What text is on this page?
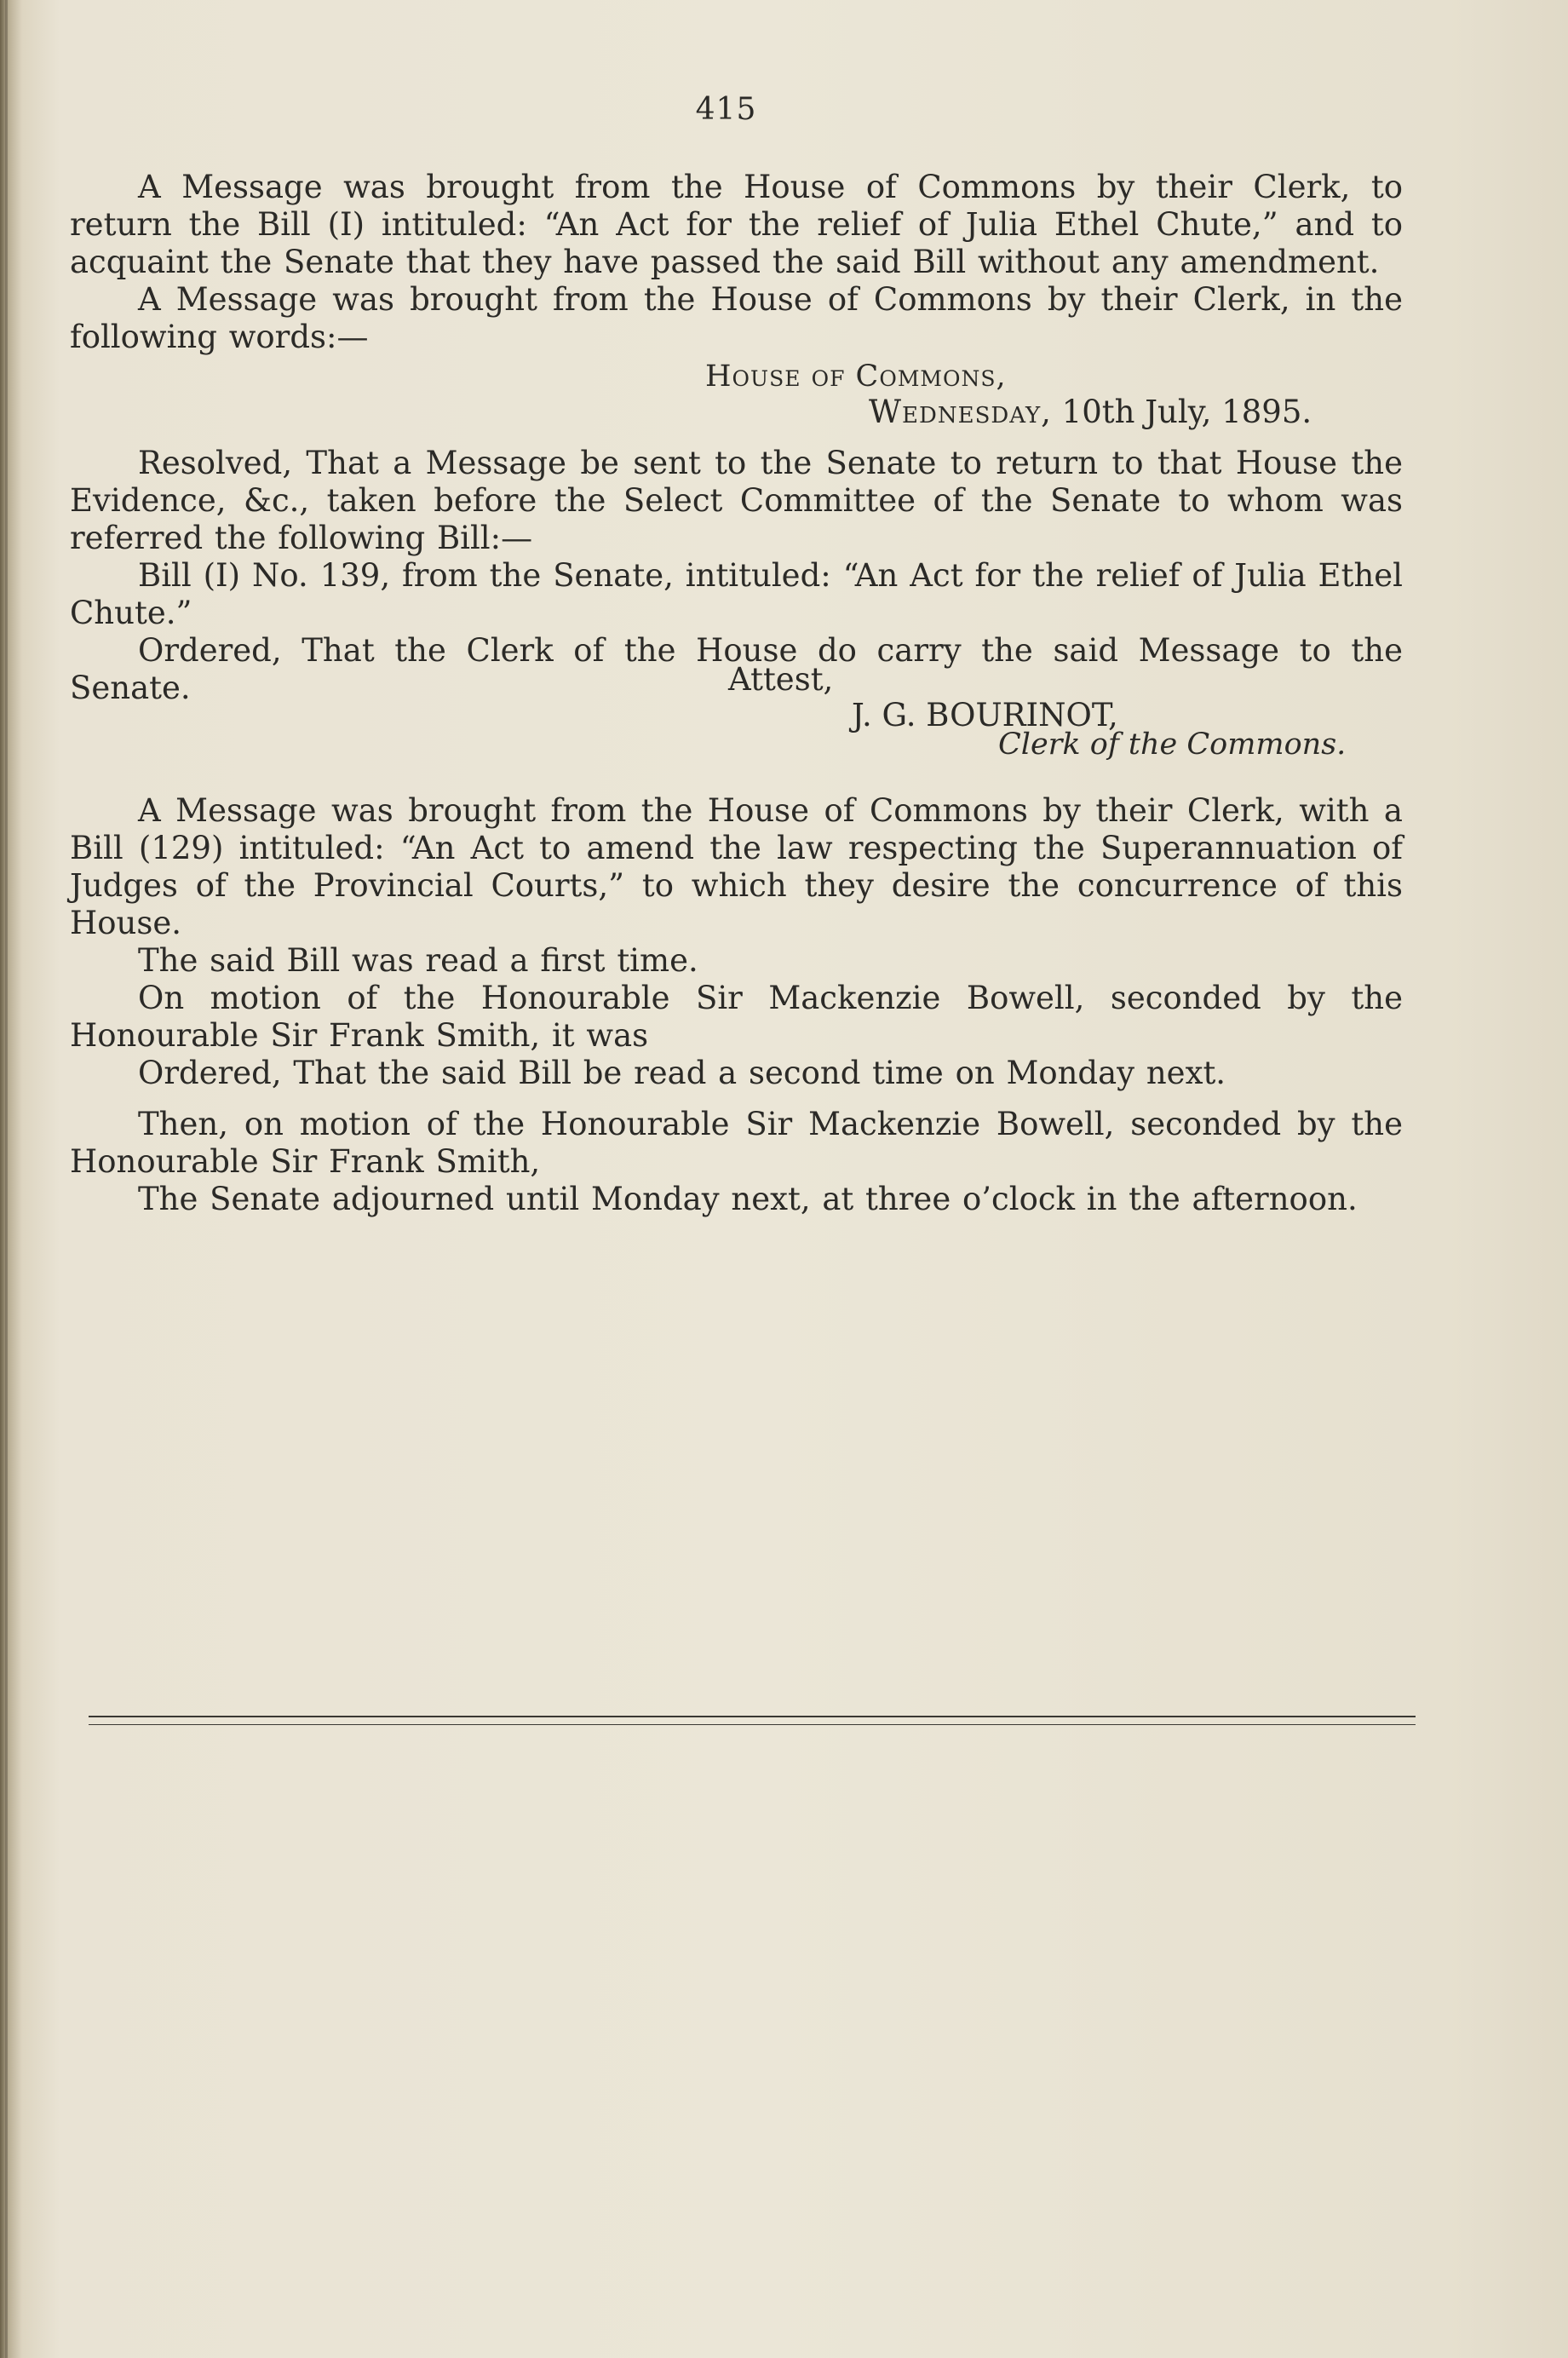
415

A Message was brought from the House of Commons by their Clerk, to return the Bill (I) intituled: “An Act for the relief of Julia Ethel Chute,” and to acquaint the Senate that they have passed the said Bill without any amendment.

A Message was brought from the House of Commons by their Clerk, in the following words:—

House of Commons,
Wednesday, 10th July, 1895.

Resolved, That a Message be sent to the Senate to return to that House the Evidence, &c., taken before the Select Committee of the Senate to whom was referred the following Bill:—

Bill (I) No. 139, from the Senate, intituled: “An Act for the relief of Julia Ethel Chute.”

Ordered, That the Clerk of the House do carry the said Message to the Senate.	Attest,
J. G. BOURINOT,
Clerk of the Commons.

A Message was brought from the House of Commons by their Clerk, with a Bill (129) intituled: “An Act to amend the law respecting the Superannuation of Judges of the Provincial Courts,” to which they desire the concurrence of this House.

The said Bill was read a first time.

On motion of the Honourable Sir Mackenzie Bowell, seconded by the Honourable Sir Frank Smith, it was

Ordered, That the said Bill be read a second time on Monday next.

Then, on motion of the Honourable Sir Mackenzie Bowell, seconded by the Honourable Sir Frank Smith,

The Senate adjourned until Monday next, at three o’clock in the afternoon.
